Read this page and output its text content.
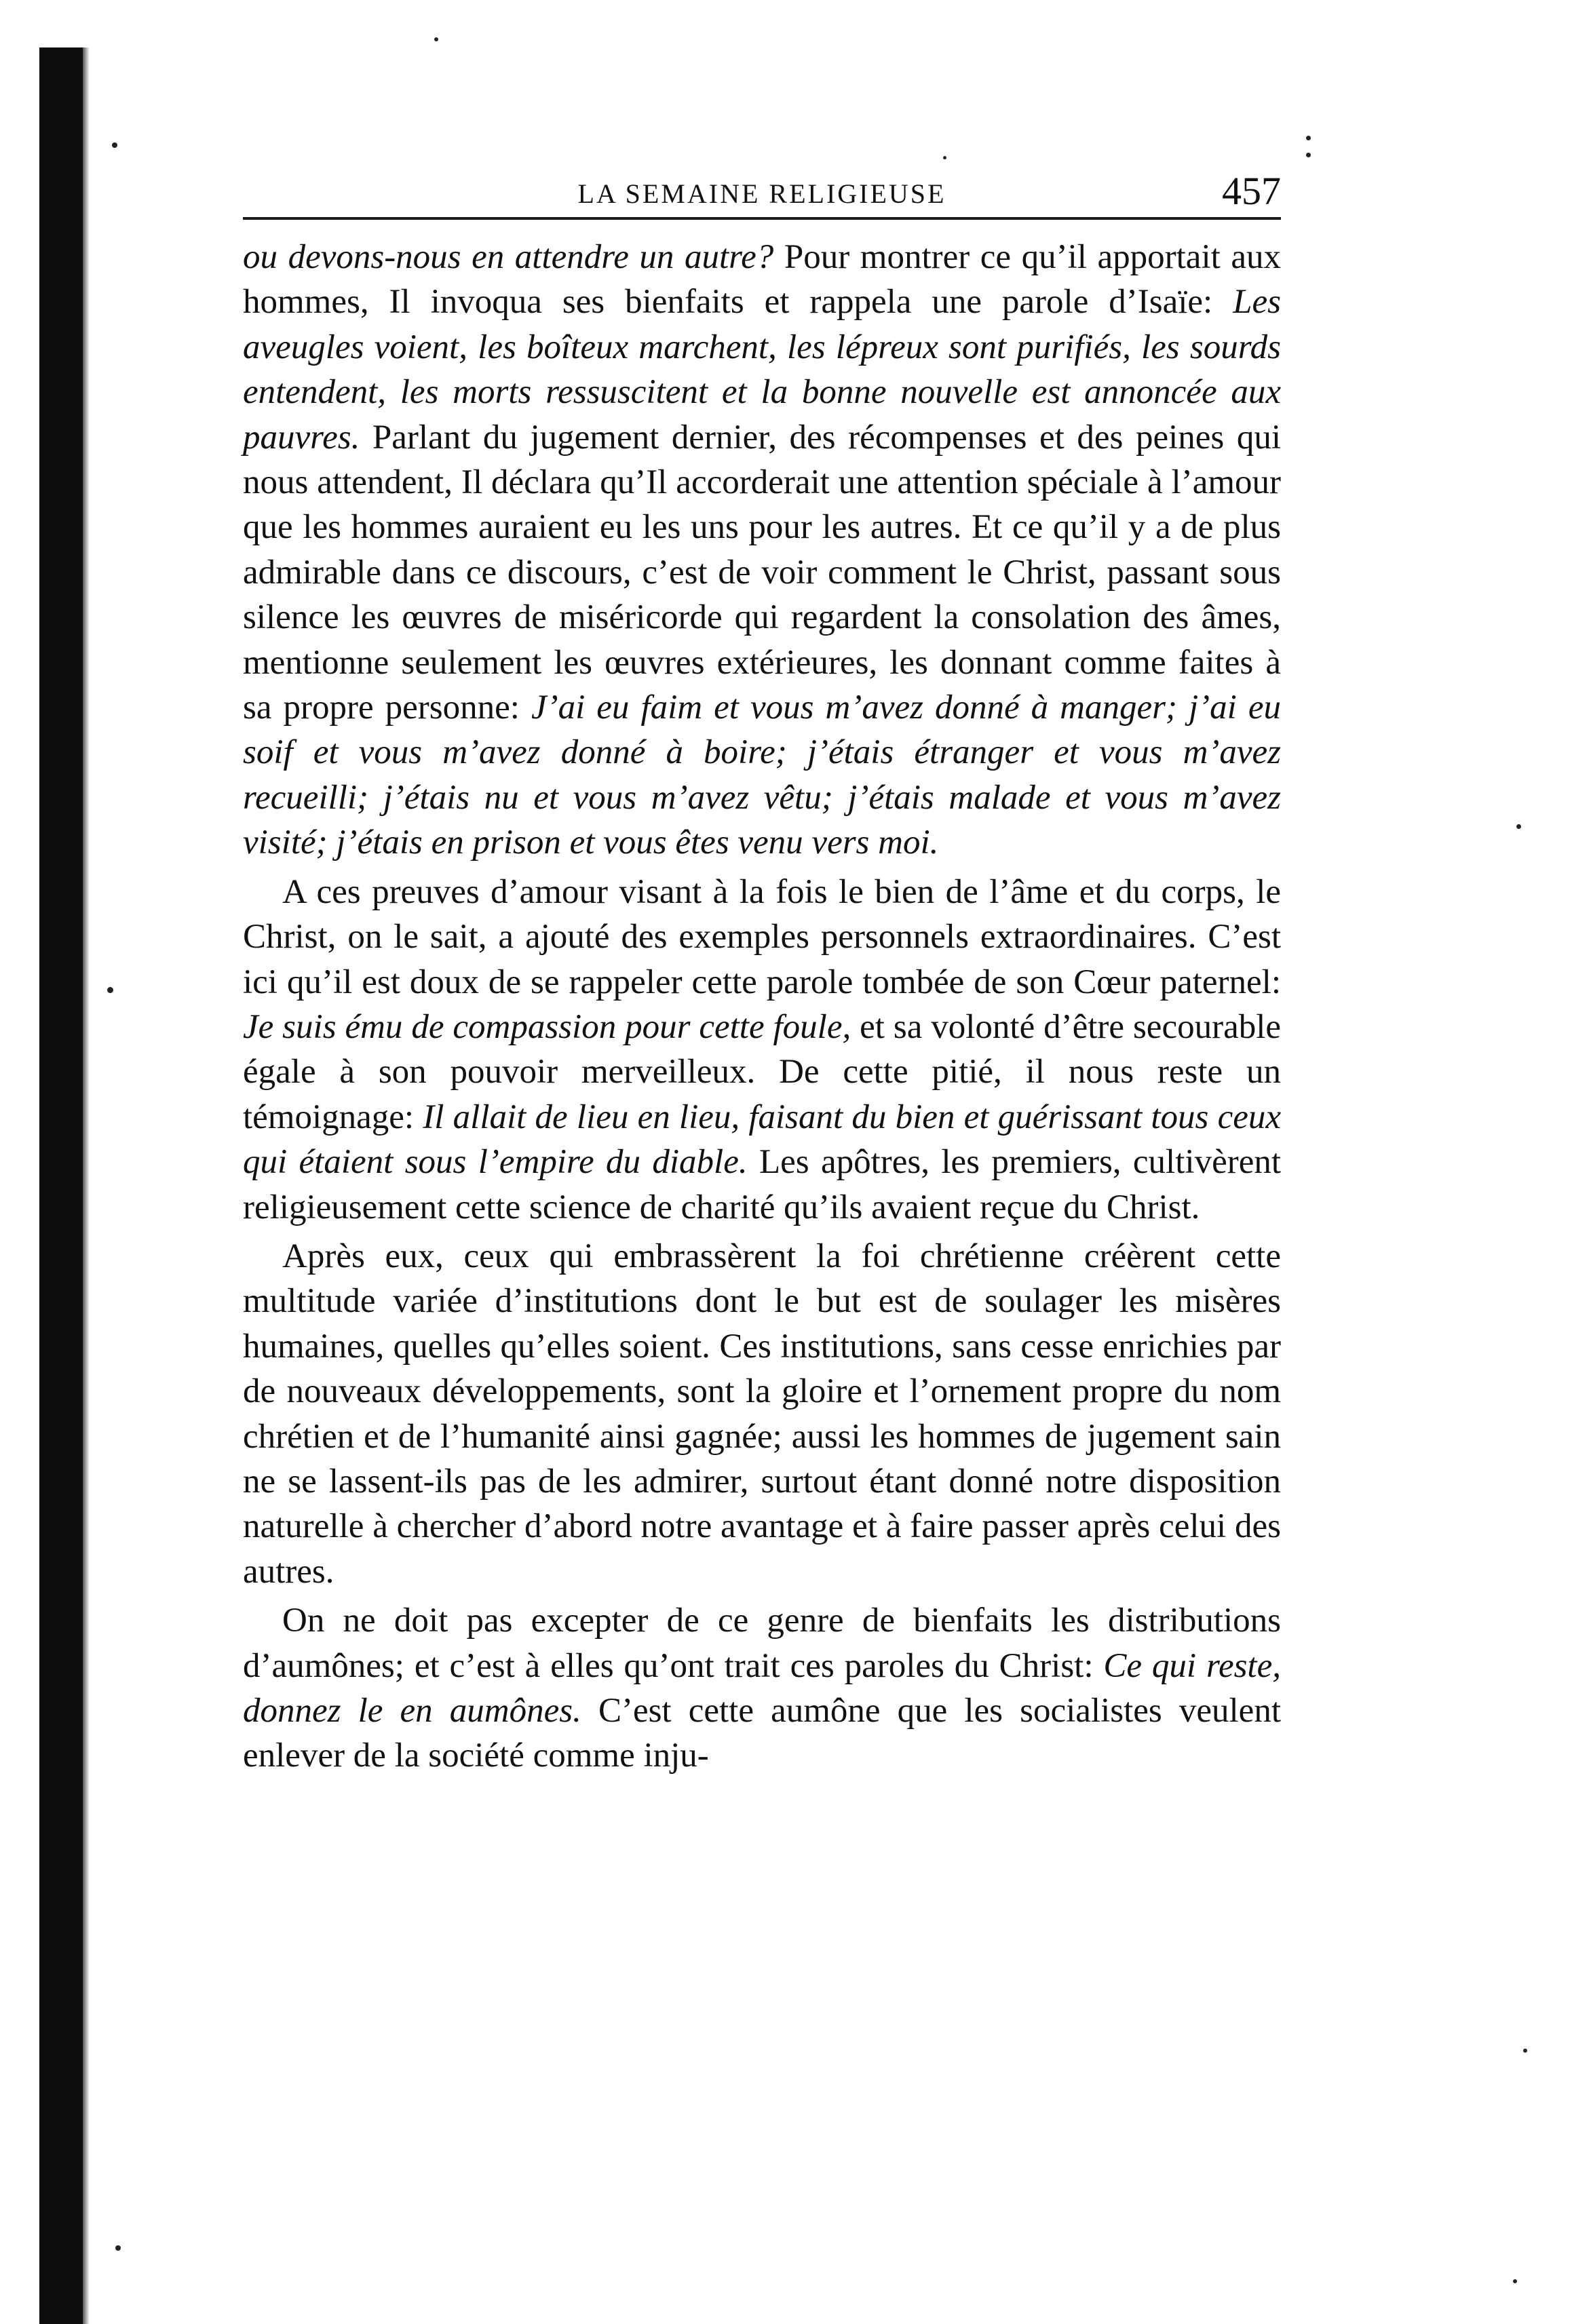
LA SEMAINE RELIGIEUSE	457

ou devons-nous en attendre un autre? Pour montrer ce qu’il apportait aux hommes, Il invoqua ses bienfaits et rappela une parole d’Isaïe: Les aveugles voient, les boîteux marchent, les lépreux sont purifiés, les sourds entendent, les morts ressuscitent et la bonne nouvelle est annoncée aux pauvres. Parlant du jugement dernier, des récompenses et des peines qui nous attendent, Il déclara qu’Il accorderait une attention spéciale à l’amour que les hommes auraient eu les uns pour les autres. Et ce qu’il y a de plus admirable dans ce discours, c’est de voir comment le Christ, passant sous silence les œuvres de miséricorde qui regardent la consolation des âmes, mentionne seulement les œuvres extérieures, les donnant comme faites à sa propre personne: J’ai eu faim et vous m’avez donné à manger; j’ai eu soif et vous m’avez donné à boire; j’étais étranger et vous m’avez recueilli; j’étais nu et vous m’avez vêtu; j’étais malade et vous m’avez visité; j’étais en prison et vous êtes venu vers moi.

A ces preuves d’amour visant à la fois le bien de l’âme et du corps, le Christ, on le sait, a ajouté des exemples personnels extraordinaires. C’est ici qu’il est doux de se rappeler cette parole tombée de son Cœur paternel: Je suis ému de compassion pour cette foule, et sa volonté d’être secourable égale à son pouvoir merveilleux. De cette pitié, il nous reste un témoignage: Il allait de lieu en lieu, faisant du bien et guérissant tous ceux qui étaient sous l’empire du diable. Les apôtres, les premiers, cultivèrent religieusement cette science de charité qu’ils avaient reçue du Christ.

Après eux, ceux qui embrassèrent la foi chrétienne créèrent cette multitude variée d’institutions dont le but est de soulager les misères humaines, quelles qu’elles soient. Ces institutions, sans cesse enrichies par de nouveaux développements, sont la gloire et l’ornement propre du nom chrétien et de l’humanité ainsi gagnée; aussi les hommes de jugement sain ne se lassent-ils pas de les admirer, surtout étant donné notre disposition naturelle à chercher d’abord notre avantage et à faire passer après celui des autres.

On ne doit pas excepter de ce genre de bienfaits les distributions d’aumônes; et c’est à elles qu’ont trait ces paroles du Christ: Ce qui reste, donnez le en aumônes. C’est cette aumône que les socialistes veulent enlever de la société comme inju-
